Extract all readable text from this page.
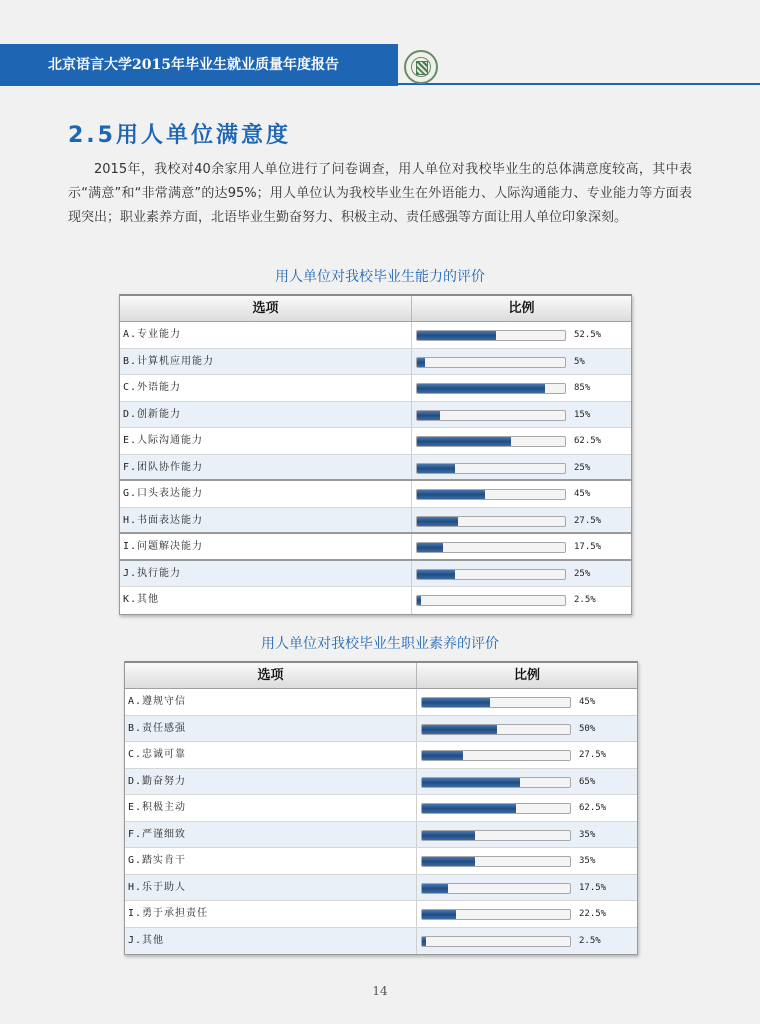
北京语言大学2015年毕业生就业质量年度报告
2.5用人单位满意度

2015年，我校对40余家用人单位进行了问卷调查，用人单位对我校毕业生的总体满意度较高，其中表示“满意”和“非常满意”的达95%；用人单位认为我校毕业生在外语能力、人际沟通能力、专业能力等方面表现突出；职业素养方面，北语毕业生勤奋努力、积极主动、责任感强等方面让用人单位印象深刻。

用人单位对我校毕业生能力的评价
选项	比例
A.专业能力	52.5%
B.计算机应用能力	5%
C.外语能力	85%
D.创新能力	15%
E.人际沟通能力	62.5%
F.团队协作能力	25%
G.口头表达能力	45%
H.书面表达能力	27.5%
I.问题解决能力	17.5%
J.执行能力	25%
K.其他	2.5%
用人单位对我校毕业生职业素养的评价
选项	比例
A.遵规守信	45%
B.责任感强	50%
C.忠诚可靠	27.5%
D.勤奋努力	65%
E.积极主动	62.5%
F.严谨细致	35%
G.踏实肯干	35%
H.乐于助人	17.5%
I.勇于承担责任	22.5%
J.其他	2.5%
14
